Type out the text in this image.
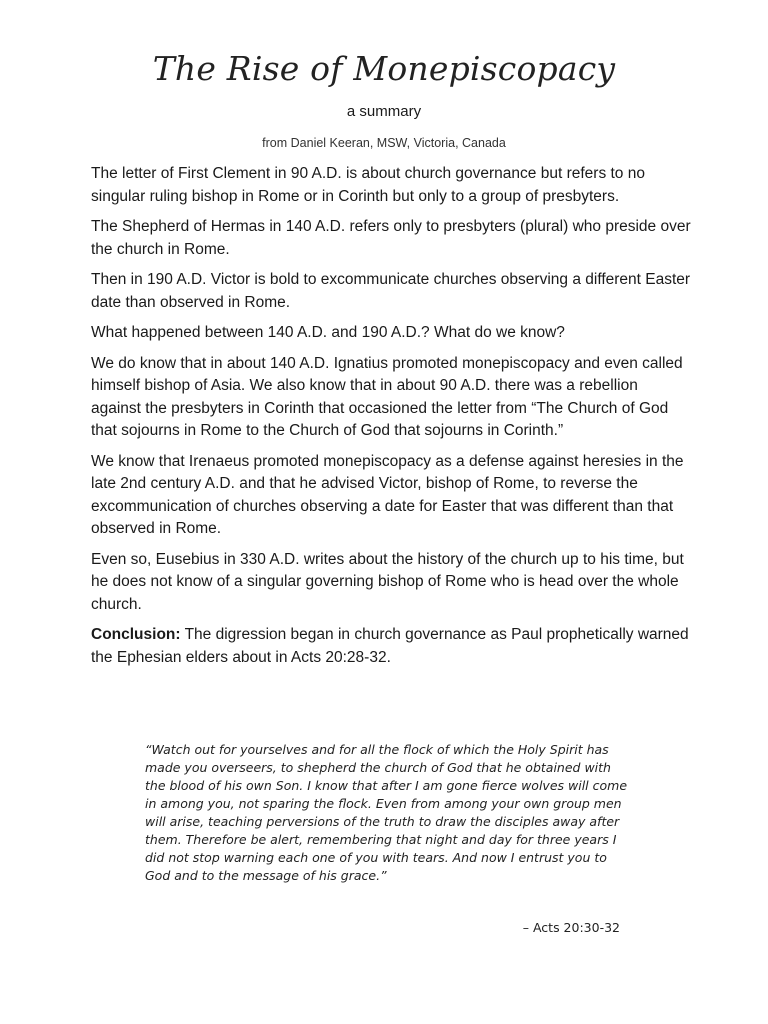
The Rise of Monepiscopacy
a summary
from Daniel Keeran, MSW, Victoria, Canada

The letter of First Clement in 90 A.D. is about church governance but refers to no singular ruling bishop in Rome or in Corinth but only to a group of presbyters.

The Shepherd of Hermas in 140 A.D. refers only to presbyters (plural) who preside over the church in Rome.

Then in 190 A.D. Victor is bold to excommunicate churches observing a different Easter date than observed in Rome.

What happened between 140 A.D. and 190 A.D.? What do we know?

We do know that in about 140 A.D. Ignatius promoted monepiscopacy and even called himself bishop of Asia. We also know that in about 90 A.D. there was a rebellion against the presbyters in Corinth that occasioned the letter from “The Church of God that sojourns in Rome to the Church of God that sojourns in Corinth.”

We know that Irenaeus promoted monepiscopacy as a defense against heresies in the late 2nd century A.D. and that he advised Victor, bishop of Rome, to reverse the excommunication of churches observing a date for Easter that was different than that observed in Rome.

Even so, Eusebius in 330 A.D. writes about the history of the church up to his time, but he does not know of a singular governing bishop of Rome who is head over the whole church.

Conclusion: The digression began in church governance as Paul prophetically warned the Ephesian elders about in Acts 20:28-32.

“Watch out for yourselves and for all the flock of which the Holy Spirit has made you overseers, to shepherd the church of God that he obtained with the blood of his own Son. I know that after I am gone fierce wolves will come in among you, not sparing the flock. Even from among your own group men will arise, teaching perversions of the truth to draw the disciples away after them. Therefore be alert, remembering that night and day for three years I did not stop warning each one of you with tears. And now I entrust you to God and to the message of his grace.”

– Acts 20:30-32
